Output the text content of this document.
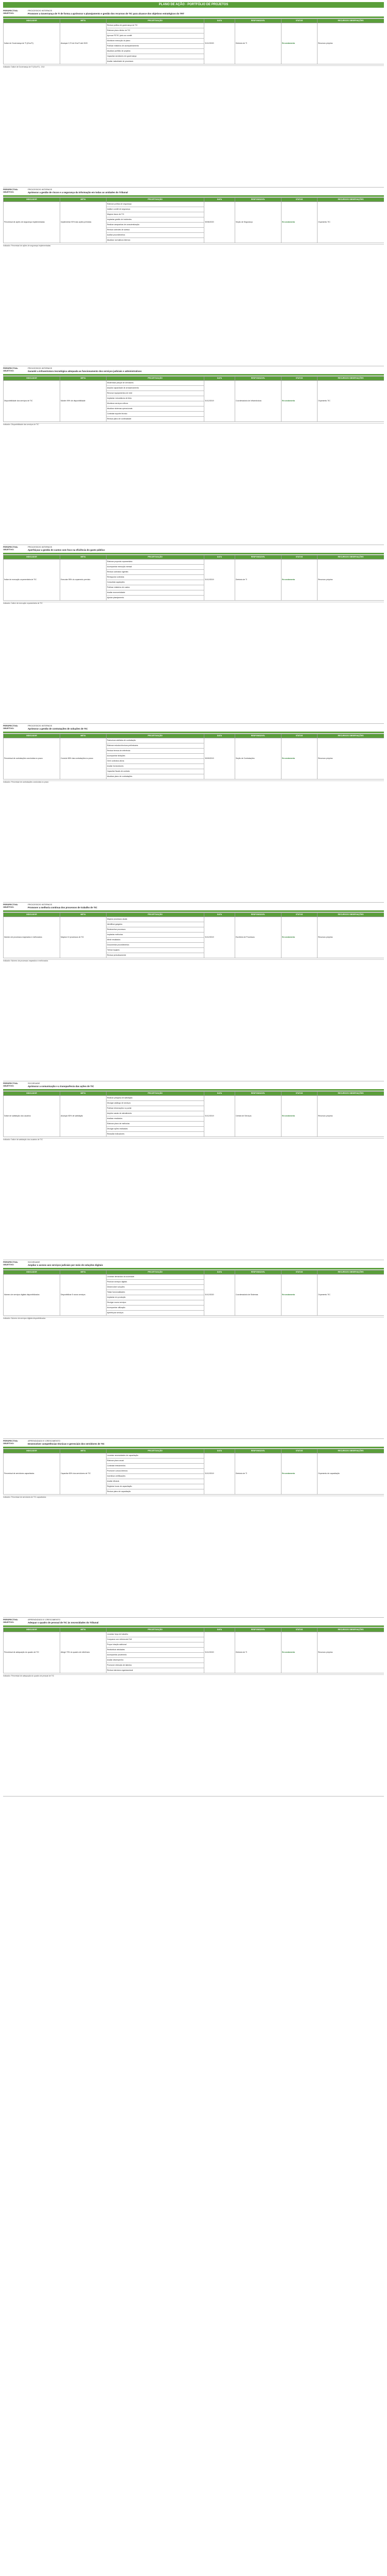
PLANO DE AÇÃO - PORTFÓLIO DE PROJETOS
PERSPECTIVA:	PROCESSOS INTERNOS
OBJETIVO:	Promover a Governança de TI de forma a aprimorar o planejamento e gestão dos recursos de TIC para alcance dos objetivos estratégicos do TRT
INDICADOR	META	PROJETO/AÇÃO	DATA	RESPONSÁVEL	STATUS	RECURSOS/ OBSERVAÇÕES
Índice de Governança de TI (iGovTI)	Alcançar 0,70 de iGovTI até 2020	Revisar política de governança de TIC	31/12/2020	Diretoria de TI	Em andamento	Recursos próprios
		Elaborar plano diretor de TIC				
		Aprovar PDTIC junto ao comitê				
		Monitorar execução do plano				
		Publicar relatórios de acompanhamento				
		Atualizar portfólio de projetos				
		Capacitar servidores em governança				
		Avaliar maturidade de processos				
Indicador: Índice de Governança de TI (iGovTI) - CNJ
PERSPECTIVA:	PROCESSOS INTERNOS
OBJETIVO:	Aprimorar a gestão de riscos e a segurança da informação em todas as unidades do Tribunal
INDICADOR	META	PROJETO/AÇÃO	DATA	RESPONSÁVEL	STATUS	RECURSOS/ OBSERVAÇÕES
Percentual de ações de segurança implementadas	Implementar 90% das ações previstas	Elaborar política de segurança	30/06/2020	Seção de Segurança	Em andamento	Orçamento TIC
		Instituir comitê de segurança				
		Mapear riscos de TIC				
		Implantar gestão de incidentes				
		Realizar campanhas de conscientização				
		Revisar controles de acesso				
		Auditar procedimentos				
		Atualizar normativos internos				
Indicador: Percentual de ações de segurança implementadas
PERSPECTIVA:	PROCESSOS INTERNOS
OBJETIVO:	Garantir a infraestrutura tecnológica adequada ao funcionamento dos serviços judiciais e administrativos
INDICADOR	META	PROJETO/AÇÃO	DATA	RESPONSÁVEL	STATUS	RECURSOS/ OBSERVAÇÕES
Disponibilidade dos serviços de TIC	Manter 99% de disponibilidade	Modernizar parque de servidores	31/12/2019	Coordenadoria de Infraestrutura	Em andamento	Orçamento TIC
		Ampliar capacidade de armazenamento				
		Renovar equipamentos de rede				
		Implantar redundância de links				
		Monitorar serviços críticos				
		Atualizar sistemas operacionais				
		Contratar suporte técnico				
		Revisar plano de continuidade				
Indicador: Disponibilidade dos serviços de TIC
PERSPECTIVA:	PROCESSOS INTERNOS
OBJETIVO:	Aperfeiçoar a gestão de custos com foco na eficiência do gasto público
INDICADOR	META	PROJETO/AÇÃO	DATA	RESPONSÁVEL	STATUS	RECURSOS/ OBSERVAÇÕES
Índice de execução orçamentária de TIC	Executar 95% do orçamento previsto	Elaborar proposta orçamentária	31/12/2019	Diretoria de TI	Em andamento	Recursos próprios
		Acompanhar execução mensal				
		Revisar contratos vigentes				
		Renegociar contratos				
		Consolidar aquisições				
		Publicar relatórios de custos				
		Avaliar economicidade				
		Ajustar planejamento				
Indicador: Índice de execução orçamentária de TIC
PERSPECTIVA:	PROCESSOS INTERNOS
OBJETIVO:	Aprimorar a gestão de contratações de soluções de TIC
INDICADOR	META	PROJETO/AÇÃO	DATA	RESPONSÁVEL	STATUS	RECURSOS/ OBSERVAÇÕES
Percentual de contratações concluídas no prazo	Concluir 85% das contratações no prazo	Padronizar artefatos de contratação	30/09/2019	Seção de Contratações	Em andamento	Recursos próprios
		Elaborar estudos técnicos preliminares				
		Revisar termos de referência				
		Acompanhar licitações				
		Gerir contratos ativos				
		Avaliar fornecedores				
		Capacitar fiscais de contrato				
		Atualizar plano de contratações				
Indicador: Percentual de contratações concluídas no prazo
PERSPECTIVA:	PROCESSOS INTERNOS
OBJETIVO:	Promover a melhoria contínua dos processos de trabalho de TIC
INDICADOR	META	PROJETO/AÇÃO	DATA	RESPONSÁVEL	STATUS	RECURSOS/ OBSERVAÇÕES
Número de processos mapeados e melhorados	Mapear 10 processos de TIC	Mapear processos atuais	31/12/2019	Escritório de Processos	Em andamento	Recursos próprios
		Identificar gargalos				
		Redesenhar processos				
		Implantar melhorias				
		Medir resultados				
		Documentar procedimentos				
		Treinar equipes				
		Revisar periodicamente				
Indicador: Número de processos mapeados e melhorados
PERSPECTIVA:	SOCIEDADE
OBJETIVO:	Aprimorar a comunicação e a transparência das ações de TIC
INDICADOR	META	PROJETO/AÇÃO	DATA	RESPONSÁVEL	STATUS	RECURSOS/ OBSERVAÇÕES
Índice de satisfação dos usuários	Alcançar 80% de satisfação	Realizar pesquisa de satisfação	31/12/2019	Central de Serviços	Em andamento	Recursos próprios
		Divulgar catálogo de serviços				
		Publicar informações no portal				
		Ampliar canais de atendimento				
		Analisar resultados				
		Elaborar plano de melhorias				
		Divulgar ações realizadas				
		Reavaliar indicadores				
Indicador: Índice de satisfação dos usuários de TIC
PERSPECTIVA:	SOCIEDADE
OBJETIVO:	Ampliar o acesso aos serviços judiciais por meio de soluções digitais
INDICADOR	META	PROJETO/AÇÃO	DATA	RESPONSÁVEL	STATUS	RECURSOS/ OBSERVAÇÕES
Número de serviços digitais disponibilizados	Disponibilizar 5 novos serviços	Levantar demandas da sociedade	31/12/2020	Coordenadoria de Sistemas	Em andamento	Orçamento TIC
		Priorizar serviços digitais				
		Desenvolver soluções				
		Testar funcionalidades				
		Implantar em produção				
		Divulgar novos serviços				
		Acompanhar utilização				
		Aperfeiçoar serviços				
Indicador: Número de serviços digitais disponibilizados
PERSPECTIVA:	APRENDIZADO E CRESCIMENTO
OBJETIVO:	Desenvolver competências técnicas e gerenciais dos servidores de TIC
INDICADOR	META	PROJETO/AÇÃO	DATA	RESPONSÁVEL	STATUS	RECURSOS/ OBSERVAÇÕES
Percentual de servidores capacitados	Capacitar 80% dos servidores de TIC	Levantar necessidades de capacitação	31/12/2019	Diretoria de TI	Em andamento	Orçamento de capacitação
		Elaborar plano anual				
		Contratar treinamentos				
		Promover cursos internos				
		Incentivar certificações				
		Avaliar eficácia				
		Registrar horas de capacitação				
		Revisar plano de capacitação				
Indicador: Percentual de servidores de TIC capacitados
PERSPECTIVA:	APRENDIZADO E CRESCIMENTO
OBJETIVO:	Adequar o quadro de pessoal de TIC às necessidades do Tribunal
INDICADOR	META	PROJETO/AÇÃO	DATA	RESPONSÁVEL	STATUS	RECURSOS/ OBSERVAÇÕES
Percentual de adequação do quadro de TIC	Atingir 70% do quadro de referência	Levantar força de trabalho	31/12/2020	Diretoria de TI	Em andamento	Recursos próprios
		Comparar com referencial CNJ				
		Propor lotação adicional				
		Redistribuir atividades				
		Acompanhar provimento				
		Avaliar desempenho				
		Promover retenção de talentos				
		Revisar estrutura organizacional				
Indicador: Percentual de adequação do quadro de pessoal de TIC
